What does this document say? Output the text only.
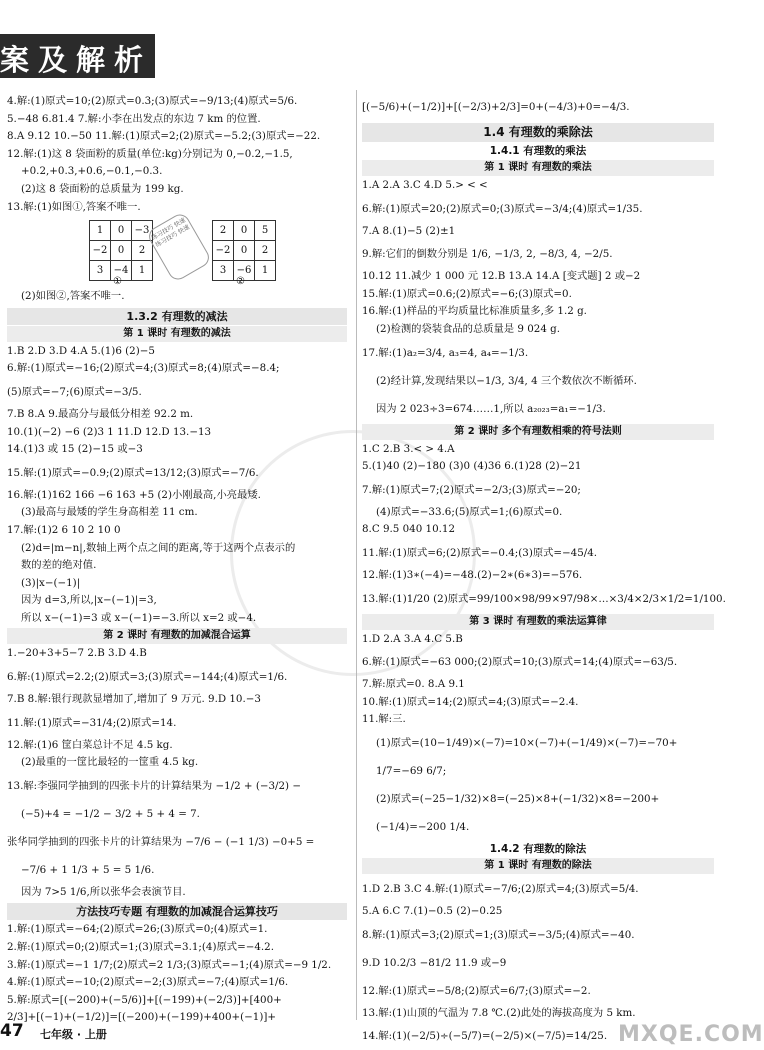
案及解析
4.解:(1)原式=10;(2)原式=0.3;(3)原式=−9/13;(4)原式=5/6.
5.−48 6.81.4 7.解:小李在出发点的东边 7 km 的位置.
8.A 9.12 10.−50 11.解:(1)原式=2;(2)原式=−5.2;(3)原式=−22.
12.解:(1)这 8 袋面粉的质量(单位:kg)分别记为 0,−0.2,−1.5,
+0.2,+0.3,+0.6,−0.1,−0.3.
(2)这 8 袋面粉的总质量为 199 kg.
13.解:(1)如图①,答案不唯一.
1	0	−3
−2	0	2
3	−4	1
练习技巧 快速 练习技巧 快速	2	0	5
−2	0	2
3	−6	1
①	②
(2)如图②,答案不唯一.
1.3.2 有理数的减法
第 1 课时 有理数的减法
1.B 2.D 3.D 4.A 5.(1)6 (2)−5
6.解:(1)原式=−16;(2)原式=4;(3)原式=8;(4)原式=−8.4;
(5)原式=−7;(6)原式=−3/5.
7.B 8.A 9.最高分与最低分相差 92.2 m.
10.(1)(−2) −6 (2)3 1 11.D 12.D 13.−13
14.(1)3 或 15 (2)−15 或−3
15.解:(1)原式=−0.9;(2)原式=13/12;(3)原式=−7/6.
16.解:(1)162 166 −6 163 +5 (2)小刚最高,小亮最矮.
(3)最高与最矮的学生身高相差 11 cm.
17.解:(1)2 6 10 2 10 0
(2)d=|m−n|,数轴上两个点之间的距离,等于这两个点表示的
数的差的绝对值.
(3)|x−(−1)|
因为 d=3,所以,|x−(−1)|=3,
所以 x−(−1)=3 或 x−(−1)=−3.所以 x=2 或−4.
第 2 课时 有理数的加减混合运算
1.−20+3+5−7 2.B 3.D 4.B
6.解:(1)原式=2.2;(2)原式=3;(3)原式=−144;(4)原式=1/6.
7.B 8.解:银行现款显增加了,增加了 9 万元. 9.D 10.−3
11.解:(1)原式=−31/4;(2)原式=14.
12.解:(1)6 筐白菜总计不足 4.5 kg.
(2)最重的一筐比最轻的一筐重 4.5 kg.
13.解:李强同学抽到的四张卡片的计算结果为 −1/2 + (−3/2) −
(−5)+4 = −1/2 − 3/2 + 5 + 4 = 7.
张华同学抽到的四张卡片的计算结果为 −7/6 − (−1 1/3) −0+5 =
−7/6 + 1 1/3 + 5 = 5 1/6.
因为 7>5 1/6,所以张华会表演节目.
方法技巧专题 有理数的加减混合运算技巧
1.解:(1)原式=−64;(2)原式=26;(3)原式=0;(4)原式=1.
2.解:(1)原式=0;(2)原式=1;(3)原式=3.1;(4)原式=−4.2.
3.解:(1)原式=−1 1/7;(2)原式=2 1/3;(3)原式=−1;(4)原式=−9 1/2.
4.解:(1)原式=−10;(2)原式=−2;(3)原式=−7;(4)原式=1/6.
5.解:原式=[(−200)+(−5/6)]+[(−199)+(−2/3)]+[400+
2/3]+[(−1)+(−1/2)]=[(−200)+(−199)+400+(−1)]+
[(−5/6)+(−1/2)]+[(−2/3)+2/3]=0+(−4/3)+0=−4/3.
1.4 有理数的乘除法
1.4.1 有理数的乘法
第 1 课时 有理数的乘法
1.A 2.A 3.C 4.D 5.> < <
6.解:(1)原式=20;(2)原式=0;(3)原式=−3/4;(4)原式=1/35.
7.A 8.(1)−5 (2)±1
9.解:它们的倒数分别是 1/6, −1/3, 2, −8/3, 4, −2/5.
10.12 11.减少 1 000 元 12.B 13.A 14.A [变式题] 2 或−2
15.解:(1)原式=0.6;(2)原式=−6;(3)原式=0.
16.解:(1)样品的平均质量比标准质量多,多 1.2 g.
(2)检测的袋装食品的总质量是 9 024 g.
17.解:(1)a₂=3/4, a₃=4, a₄=−1/3.
(2)经计算,发现结果以−1/3, 3/4, 4 三个数依次不断循环.
因为 2 023÷3=674……1,所以 a₂₀₂₃=a₁=−1/3.
第 2 课时 多个有理数相乘的符号法则
1.C 2.B 3.< > 4.A
5.(1)40 (2)−180 (3)0 (4)36 6.(1)28 (2)−21
7.解:(1)原式=7;(2)原式=−2/3;(3)原式=−20;
(4)原式=−33.6;(5)原式=1;(6)原式=0.
8.C 9.5 040 10.12
11.解:(1)原式=6;(2)原式=−0.4;(3)原式=−45/4.
12.解:(1)3∗(−4)=−48.(2)−2∗(6∗3)=−576.
13.解:(1)1/20 (2)原式=99/100×98/99×97/98×…×3/4×2/3×1/2=1/100.
第 3 课时 有理数的乘法运算律
1.D 2.A 3.A 4.C 5.B
6.解:(1)原式=−63 000;(2)原式=10;(3)原式=14;(4)原式=−63/5.
7.解:原式=0. 8.A 9.1
10.解:(1)原式=14;(2)原式=4;(3)原式=−2.4.
11.解:三.
(1)原式=(10−1/49)×(−7)=10×(−7)+(−1/49)×(−7)=−70+
1/7=−69 6/7;
(2)原式=(−25−1/32)×8=(−25)×8+(−1/32)×8=−200+
(−1/4)=−200 1/4.
1.4.2 有理数的除法
第 1 课时 有理数的除法
1.D 2.B 3.C 4.解:(1)原式=−7/6;(2)原式=4;(3)原式=5/4.
5.A 6.C 7.(1)−0.5 (2)−0.25
8.解:(1)原式=3;(2)原式=1;(3)原式=−3/5;(4)原式=−40.
9.D 10.2/3 −81/2 11.9 或−9
12.解:(1)原式=−5/8;(2)原式=6/7;(3)原式=−2.
13.解:(1)山顶的气温为 7.8 ℃.(2)此处的海拔高度为 5 km.
14.解:(1)(−2/5)÷(−5/7)=(−2/5)×(−7/5)=14/25.
47 七年级 · 上册	MXQE.COM
